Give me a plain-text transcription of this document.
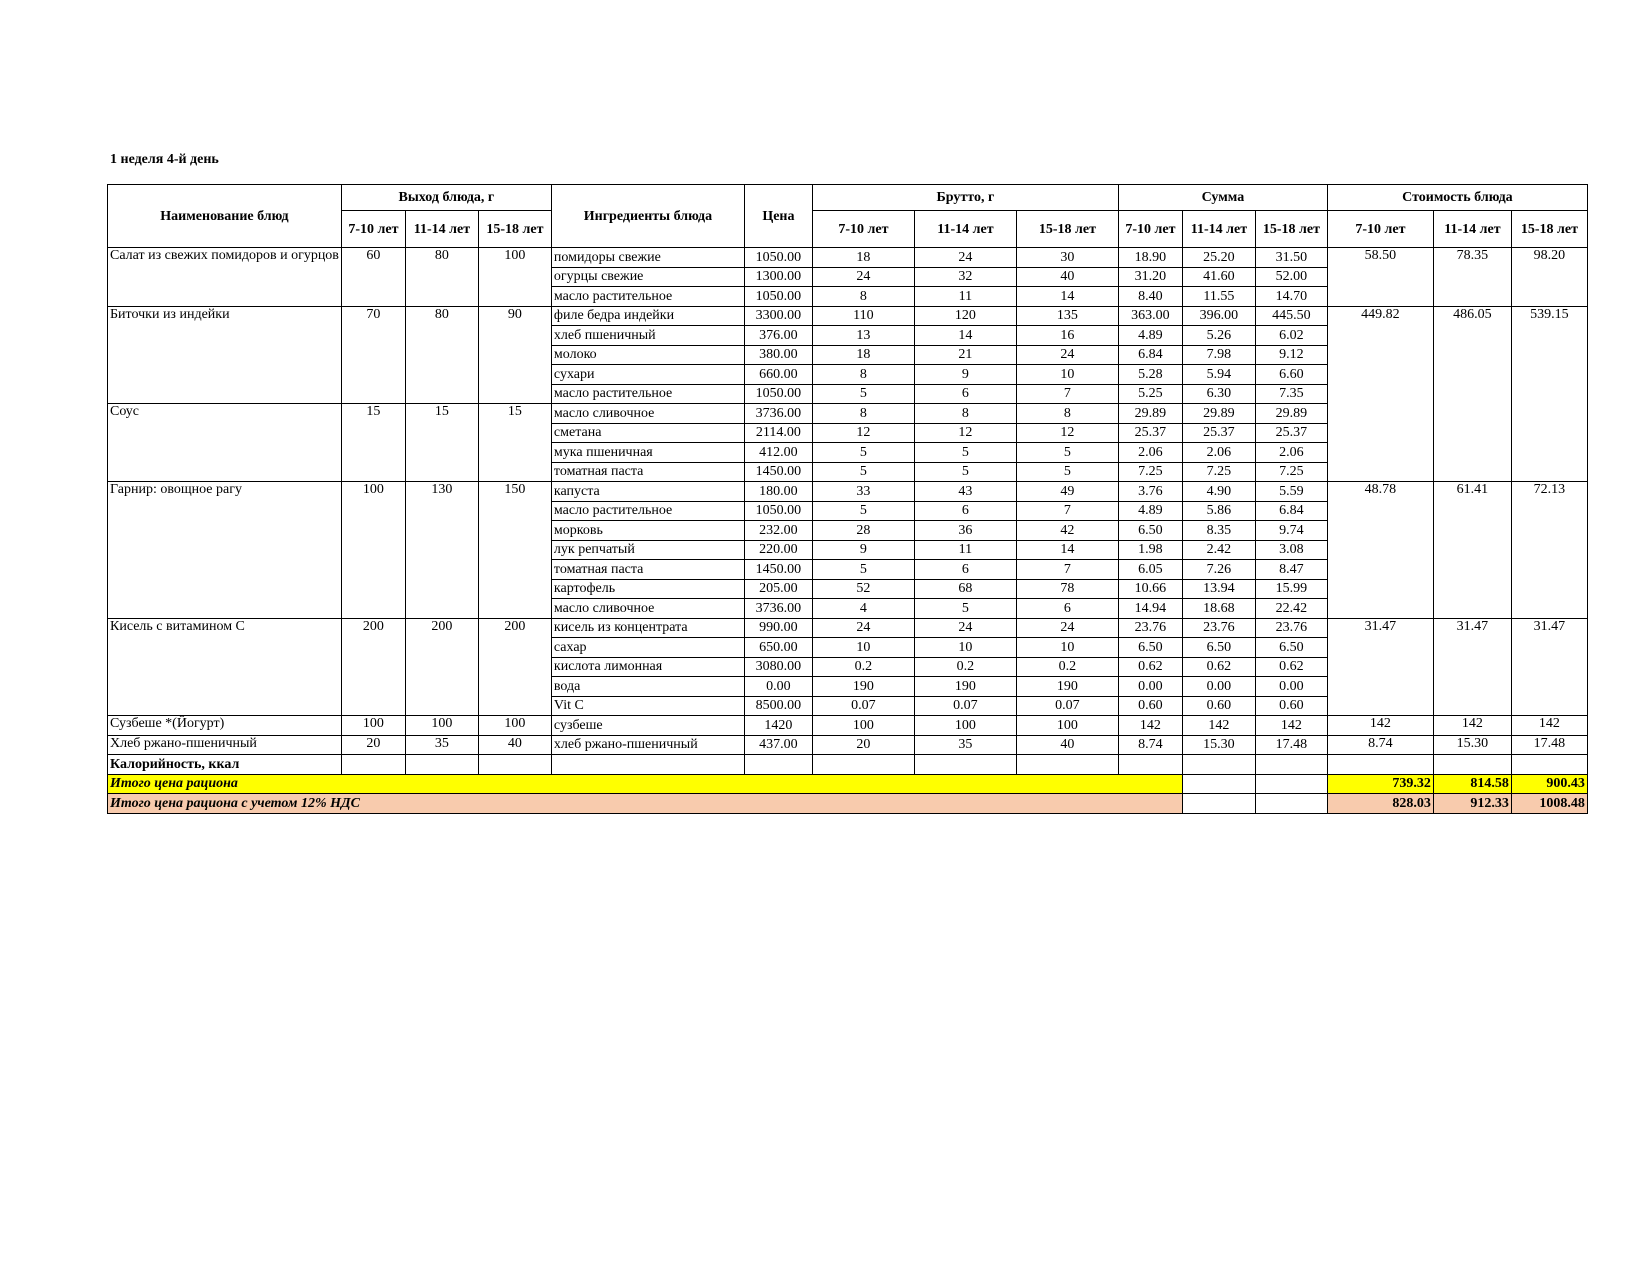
1 неделя 4-й день
Наименование блюд	Выход блюда, г			Ингредиенты блюда	Цена	Брутто, г			Сумма			Стоимость блюда		
	7-10 лет	11-14 лет	15-18 лет			7-10 лет	11-14 лет	15-18 лет	7-10 лет	11-14 лет	15-18 лет	7-10 лет	11-14 лет	15-18 лет
Салат из свежих помидоров и огурцов	60	80	100	помидоры свежие	1050.00	18	24	30	18.90	25.20	31.50	58.50	78.35	98.20
				огурцы свежие	1300.00	24	32	40	31.20	41.60	52.00			
				масло растительное	1050.00	8	11	14	8.40	11.55	14.70			
Биточки из индейки	70	80	90	филе бедра индейки	3300.00	110	120	135	363.00	396.00	445.50	449.82	486.05	539.15
				хлеб пшеничный	376.00	13	14	16	4.89	5.26	6.02			
				молоко	380.00	18	21	24	6.84	7.98	9.12			
				сухари	660.00	8	9	10	5.28	5.94	6.60			
				масло растительное	1050.00	5	6	7	5.25	6.30	7.35			
Соус	15	15	15	масло сливочное	3736.00	8	8	8	29.89	29.89	29.89			
				сметана	2114.00	12	12	12	25.37	25.37	25.37			
				мука пшеничная	412.00	5	5	5	2.06	2.06	2.06			
				томатная паста	1450.00	5	5	5	7.25	7.25	7.25			
Гарнир: овощное рагу	100	130	150	капуста	180.00	33	43	49	3.76	4.90	5.59	48.78	61.41	72.13
				масло растительное	1050.00	5	6	7	4.89	5.86	6.84			
				морковь	232.00	28	36	42	6.50	8.35	9.74			
				лук репчатый	220.00	9	11	14	1.98	2.42	3.08			
				томатная паста	1450.00	5	6	7	6.05	7.26	8.47			
				картофель	205.00	52	68	78	10.66	13.94	15.99			
				масло сливочное	3736.00	4	5	6	14.94	18.68	22.42			
Кисель с витамином С	200	200	200	кисель из концентрата	990.00	24	24	24	23.76	23.76	23.76	31.47	31.47	31.47
				сахар	650.00	10	10	10	6.50	6.50	6.50			
				кислота лимонная	3080.00	0.2	0.2	0.2	0.62	0.62	0.62			
				вода	0.00	190	190	190	0.00	0.00	0.00			
				Vit C	8500.00	0.07	0.07	0.07	0.60	0.60	0.60			
Сузбеше *(Йогурт)	100	100	100	сузбеше	1420	100	100	100	142	142	142	142	142	142
Хлеб ржано-пшеничный	20	35	40	хлеб ржано-пшеничный	437.00	20	35	40	8.74	15.30	17.48	8.74	15.30	17.48
Калорийность, ккал														
Итого цена рациона												739.32	814.58	900.43
Итого цена рациона с учетом 12% НДС												828.03	912.33	1008.48
